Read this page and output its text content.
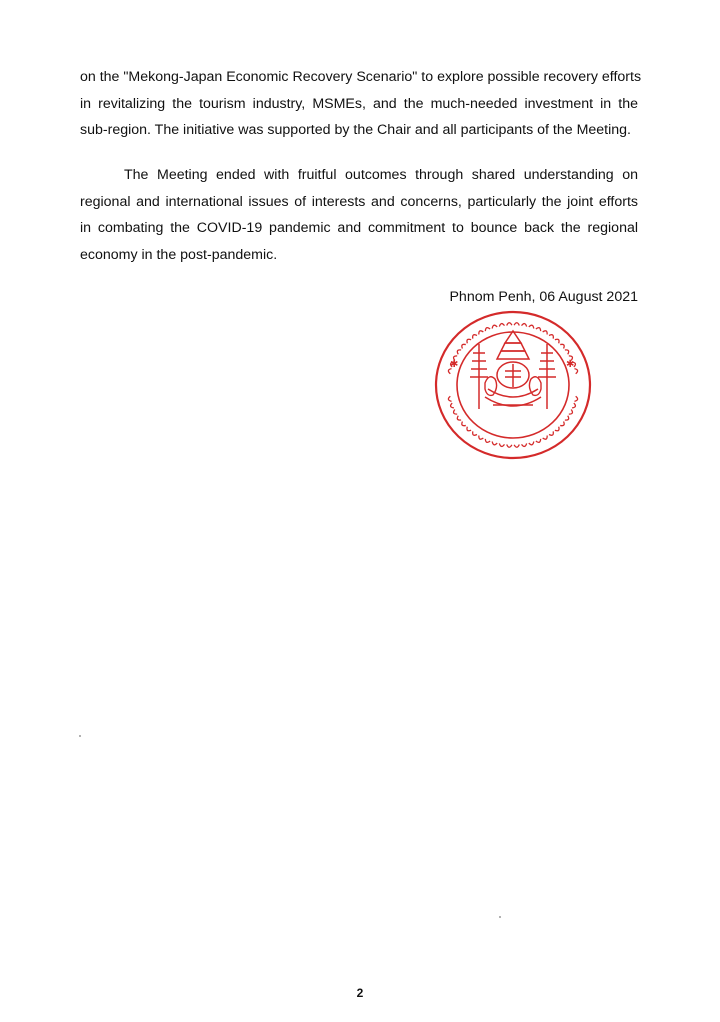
on the "Mekong-Japan Economic Recovery Scenario" to explore possible recovery efforts
in revitalizing the tourism industry, MSMEs, and the much-needed investment in the
sub-region. The initiative was supported by the Chair and all participants of the Meeting.

The Meeting ended with fruitful outcomes through shared understanding on
regional and international issues of interests and concerns, particularly the joint efforts
in combating the COVID-19 pandemic and commitment to bounce back the regional
economy in the post-pandemic.

Phnom Penh, 06 August 2021
✱	✱
2
